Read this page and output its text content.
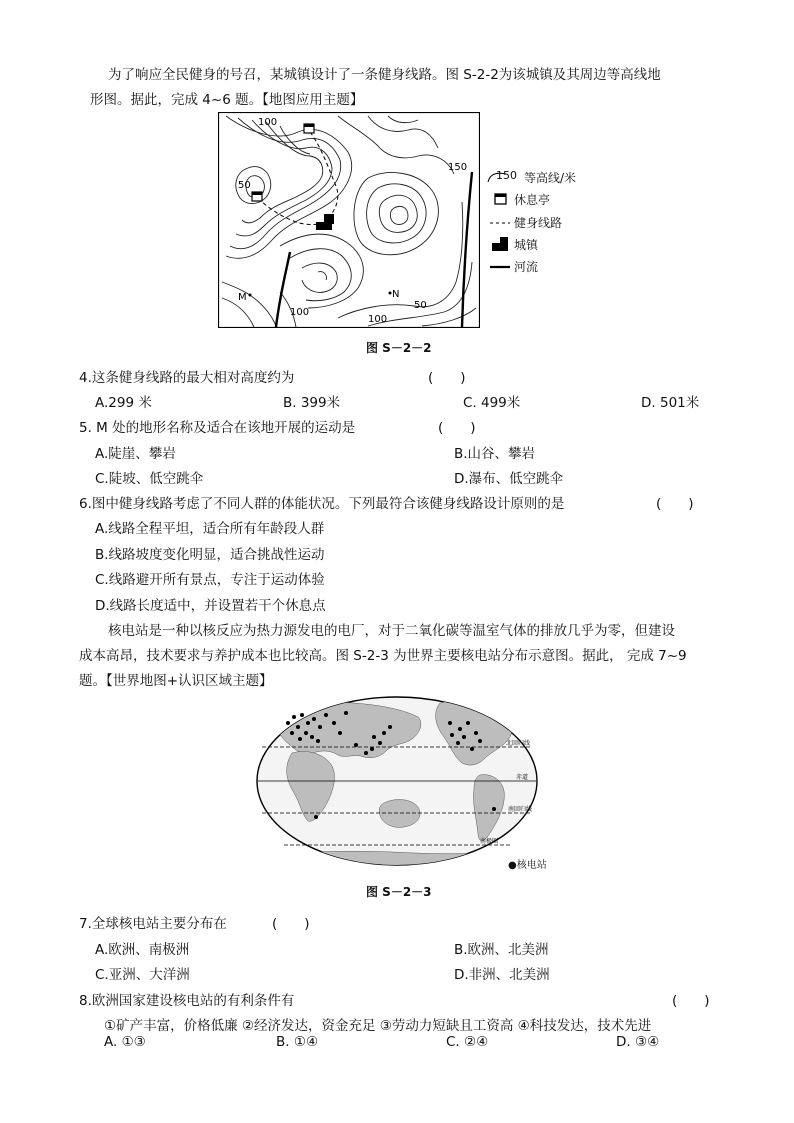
为了响应全民健身的号召，某城镇设计了一条健身线路。图 S-2-2为该城镇及其周边等高线地
形图。据此，完成 4~6 题。【地图应用主题】
100
50
150
100
100
50
M	N
150 等高线/米
休息亭
健身线路
城镇
河流
图 S－2－2
4.这条健身线路的最大相对高度约为	(　　)
A.299 米	B. 399米	C. 499米	D. 501米
5. M 处的地形名称及适合在该地开展的运动是	(　　)
A.陡崖、攀岩	B.山谷、攀岩
C.陡坡、低空跳伞	D.瀑布、低空跳伞
6.图中健身线路考虑了不同人群的体能状况。下列最符合该健身线路设计原则的是	(　　)
A.线路全程平坦，适合所有年龄段人群
B.线路坡度变化明显，适合挑战性运动
C.线路避开所有景点，专注于运动体验
D.线路长度适中，并设置若干个休息点
核电站是一种以核反应为热力源发电的电厂，对于二氧化碳等温室气体的排放几乎为零，但建设
成本高昂，技术要求与养护成本也比较高。图 S-2-3 为世界主要核电站分布示意图。据此， 完成 7~9
题。【世界地图+认识区域主题】
北回归线
赤道
南回归线
南极圈
●核电站
图 S－2－3
7.全球核电站主要分布在	(　　)
A.欧洲、南极洲	B.欧洲、北美洲
C.亚洲、大洋洲	D.非洲、北美洲
8.欧洲国家建设核电站的有利条件有	(　　)
①矿产丰富，价格低廉 ②经济发达，资金充足 ③劳动力短缺且工资高 ④科技发达，技术先进
A. ①③	B. ①④	C. ②④	D. ③④
